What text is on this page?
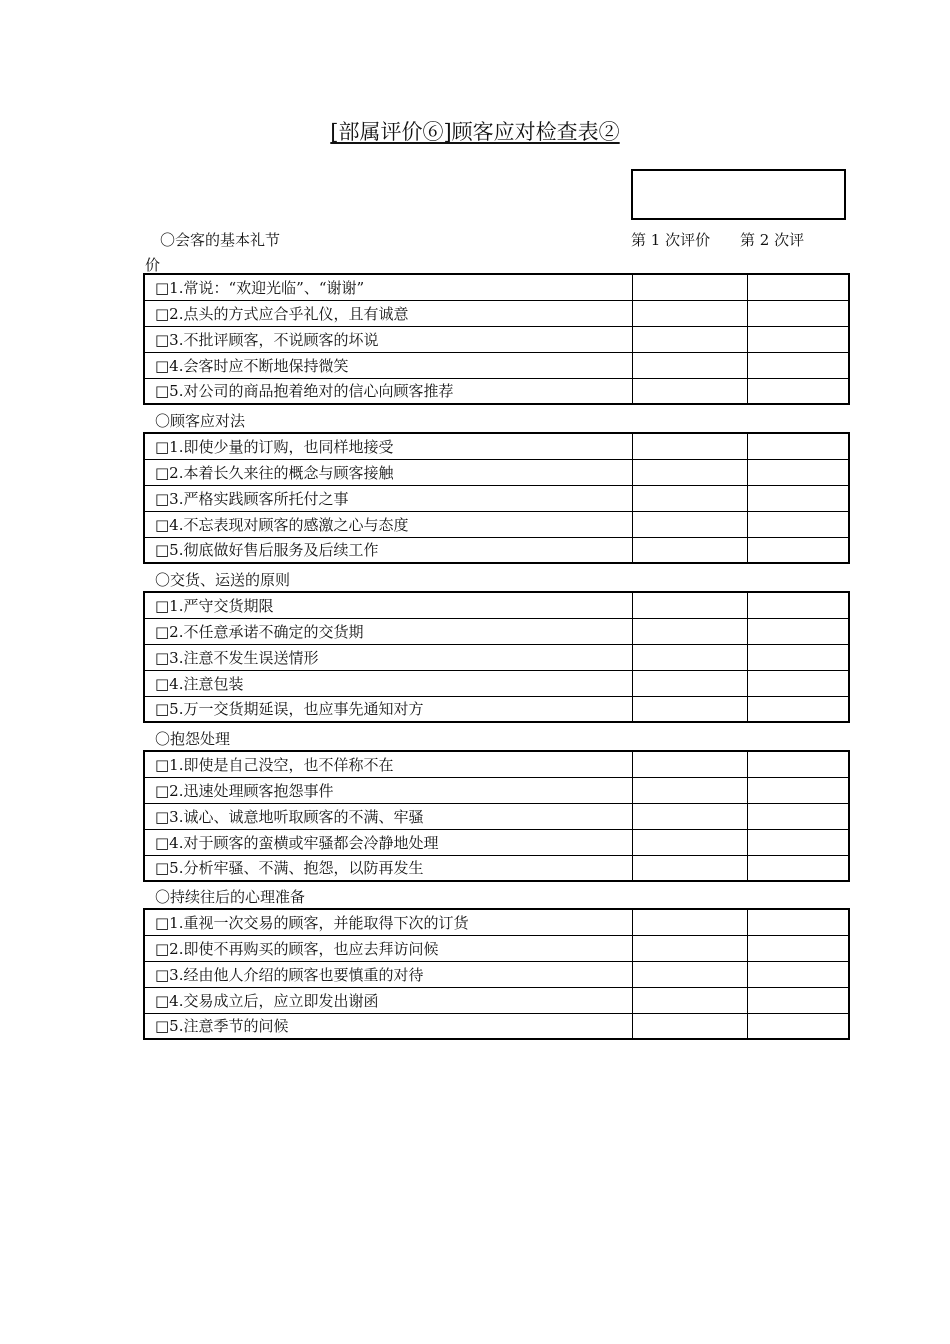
[部属评价⑥]顾客应对检查表②
〇会客的基本礼节	第 1 次评价 第 2 次评
价
□1.常说：“欢迎光临”、“谢谢”		
□2.点头的方式应合乎礼仪，且有诚意		
□3.不批评顾客，不说顾客的坏说		
□4.会客时应不断地保持微笑		
□5.对公司的商品抱着绝对的信心向顾客推荐		
〇顾客应对法
□1.即使少量的订购，也同样地接受		
□2.本着长久来往的概念与顾客接触		
□3.严格实践顾客所托付之事		
□4.不忘表现对顾客的感激之心与态度		
□5.彻底做好售后服务及后续工作		
〇交货、运送的原则
□1.严守交货期限		
□2.不任意承诺不确定的交货期		
□3.注意不发生误送情形		
□4.注意包装		
□5.万一交货期延误，也应事先通知对方		
〇抱怨处理
□1.即使是自己没空，也不佯称不在		
□2.迅速处理顾客抱怨事件		
□3.诚心、诚意地听取顾客的不满、牢骚		
□4.对于顾客的蛮横或牢骚都会冷静地处理		
□5.分析牢骚、不满、抱怨，以防再发生		
〇持续往后的心理准备
□1.重视一次交易的顾客，并能取得下次的订货		
□2.即使不再购买的顾客，也应去拜访问候		
□3.经由他人介绍的顾客也要慎重的对待		
□4.交易成立后，应立即发出谢函		
□5.注意季节的问候		
